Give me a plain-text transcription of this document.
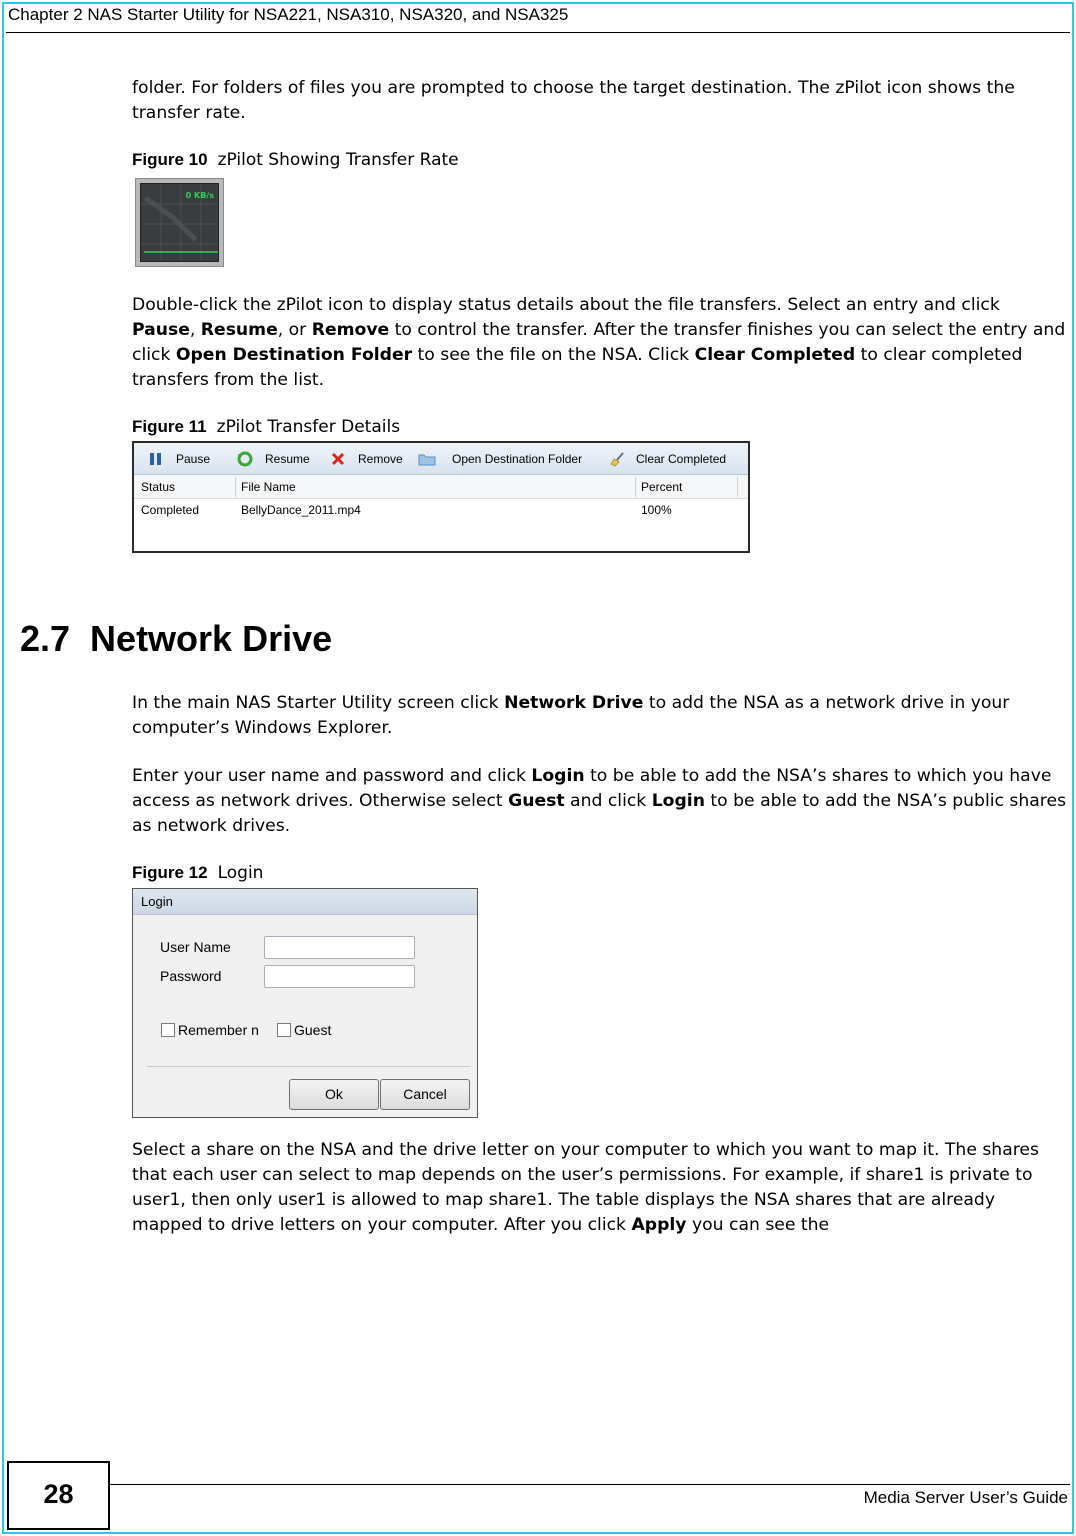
Chapter 2 NAS Starter Utility for NSA221, NSA310, NSA320, and NSA325

folder. For folders of files you are prompted to choose the target destination. The zPilot icon shows the transfer rate.

Figure 10 zPilot Showing Transfer Rate
0 KB/s

Double-click the zPilot icon to display status details about the file transfers. Select an entry and click Pause, Resume, or Remove to control the transfer. After the transfer finishes you can select the entry and click Open Destination Folder to see the file on the NSA. Click Clear Completed to clear completed transfers from the list.

Figure 11 zPilot Transfer Details
Pause	Resume	Remove	Open Destination Folder	Clear Completed
Status	File Name	Percent
Completed	BellyDance_2011.mp4	100%
2.7 Network Drive

In the main NAS Starter Utility screen click Network Drive to add the NSA as a network drive in your computer’s Windows Explorer.

Enter your user name and password and click Login to be able to add the NSA’s shares to which you have access as network drives. Otherwise select Guest and click Login to be able to add the NSA’s public shares as network drives.

Figure 12 Login
Login
User Name
Password
Remember n	Guest
Ok	Cancel

Select a share on the NSA and the drive letter on your computer to which you want to map it. The shares that each user can select to map depends on the user’s permissions. For example, if share1 is private to user1, then only user1 is allowed to map share1. The table displays the NSA shares that are already mapped to drive letters on your computer. After you click Apply you can see the

28	Media Server User’s Guide
